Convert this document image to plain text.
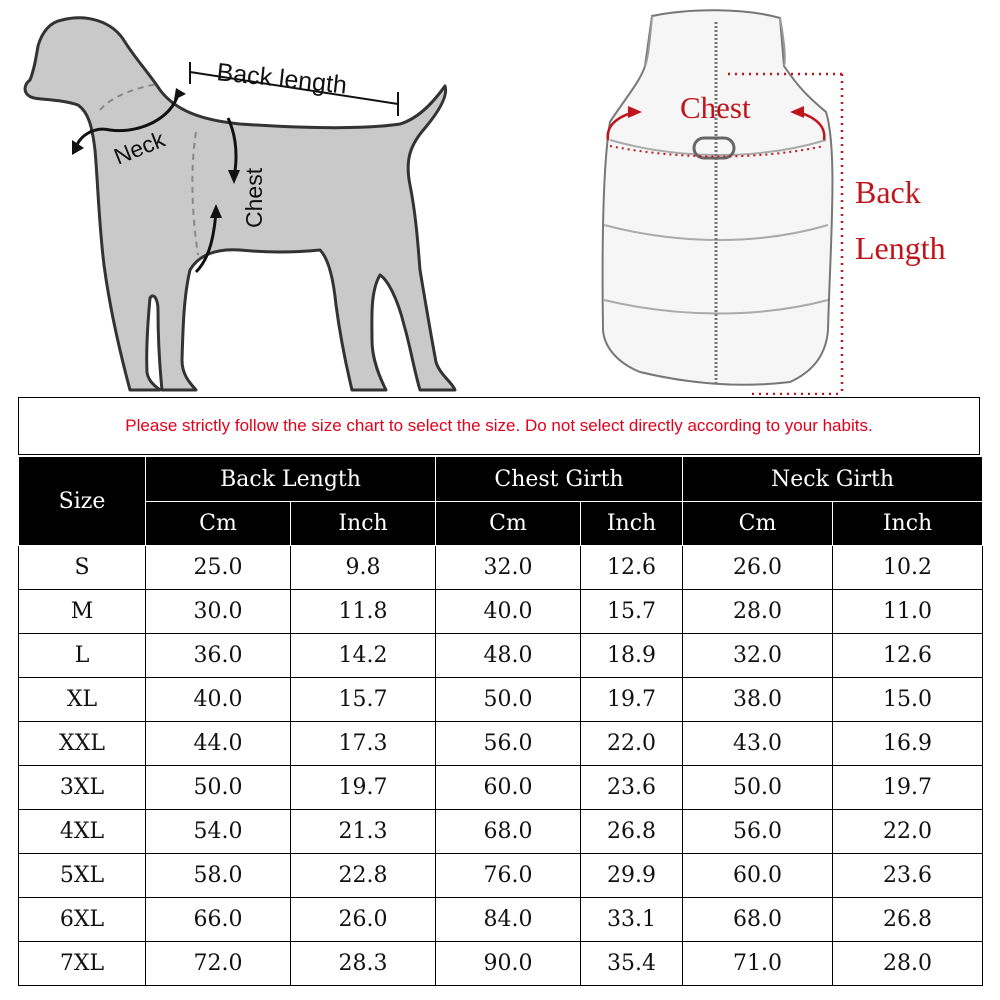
Back length
Neck
Chest
Chest
Back
Length
Please strictly follow the size chart to select the size. Do not select directly according to your habits.
Size	Back Length		Chest Girth		Neck Girth	
	Cm	Inch	Cm	Inch	Cm	Inch
S	25.0	9.8	32.0	12.6	26.0	10.2
M	30.0	11.8	40.0	15.7	28.0	11.0
L	36.0	14.2	48.0	18.9	32.0	12.6
XL	40.0	15.7	50.0	19.7	38.0	15.0
XXL	44.0	17.3	56.0	22.0	43.0	16.9
3XL	50.0	19.7	60.0	23.6	50.0	19.7
4XL	54.0	21.3	68.0	26.8	56.0	22.0
5XL	58.0	22.8	76.0	29.9	60.0	23.6
6XL	66.0	26.0	84.0	33.1	68.0	26.8
7XL	72.0	28.3	90.0	35.4	71.0	28.0
